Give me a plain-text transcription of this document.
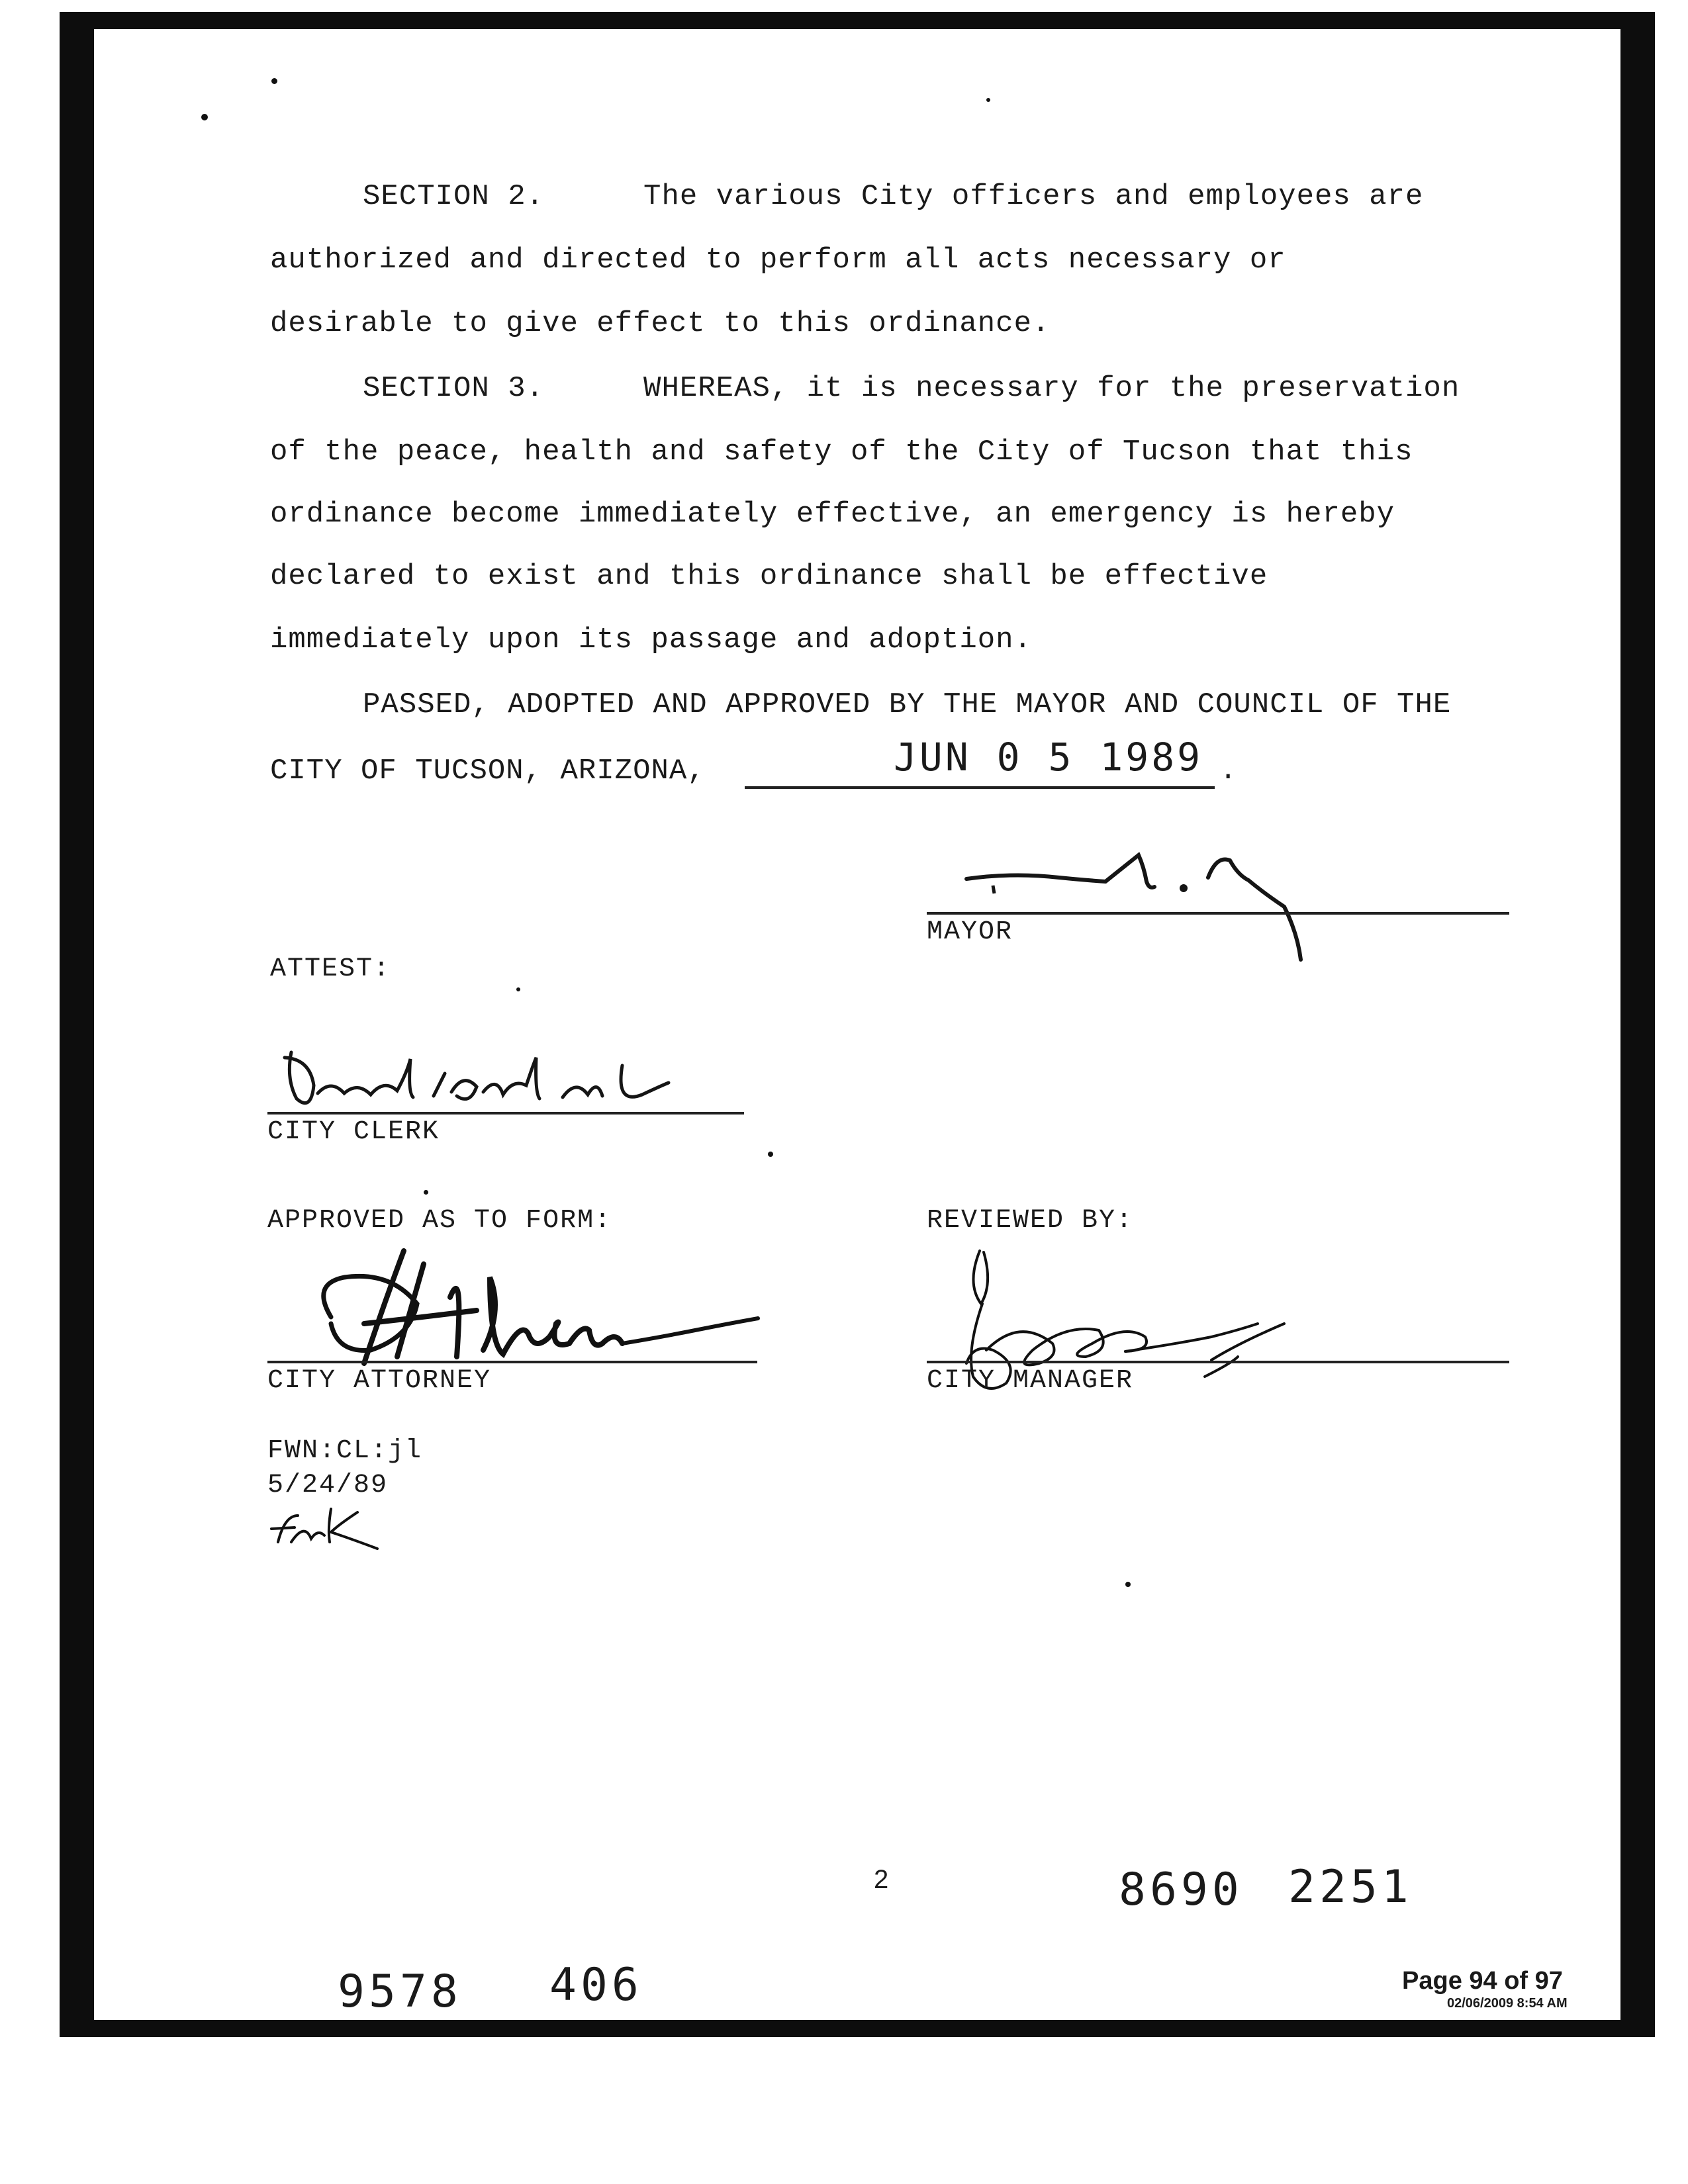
SECTION 2.	The various City officers and employees are
authorized and directed to perform all acts necessary or
desirable to give effect to this ordinance.
SECTION 3.	WHEREAS, it is necessary for the preservation
of the peace, health and safety of the City of Tucson that this
ordinance become immediately effective, an emergency is hereby
declared to exist and this ordinance shall be effective
immediately upon its passage and adoption.
PASSED, ADOPTED AND APPROVED BY THE MAYOR AND COUNCIL OF THE
CITY OF TUCSON, ARIZONA,	JUN 0 5 1989 .
MAYOR
ATTEST:
CITY CLERK
APPROVED AS TO FORM:	REVIEWED BY:
CITY ATTORNEY	CITY MANAGER
FWN:CL:jl
5/24/89
2	8690 2251
9578 406	Page 94 of 97
02/06/2009 8:54 AM
